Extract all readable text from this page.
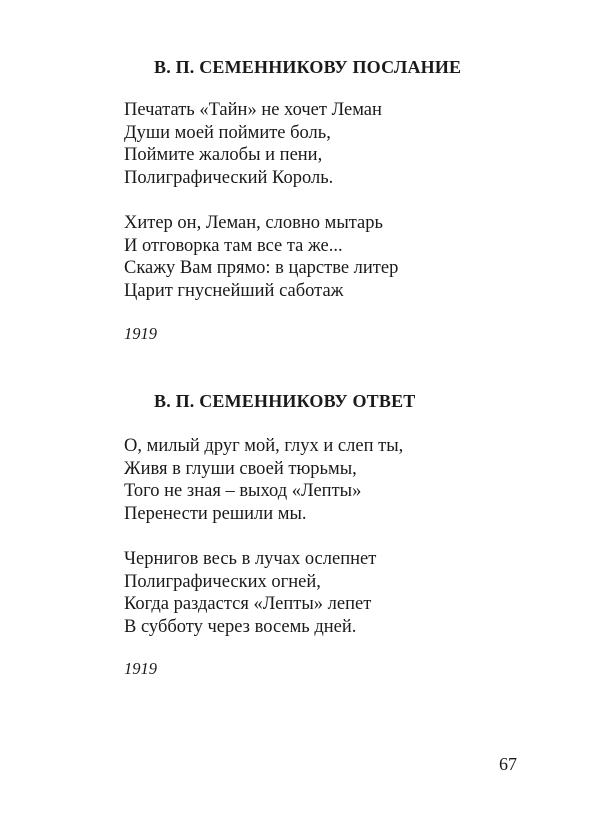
В. П. СЕМЕННИКОВУ ПОСЛАНИЕ
Печатать «Тайн» не хочет Леман
Души моей поймите боль,
Поймите жалобы и пени,
Полиграфический Король.
Хитер он, Леман, словно мытарь
И отговорка там все та же...
Скажу Вам прямо: в царстве литер
Царит гнуснейший саботаж
1919
В. П. СЕМЕННИКОВУ ОТВЕТ
О, милый друг мой, глух и слеп ты,
Живя в глуши своей тюрьмы,
Того не зная – выход «Лепты»
Перенести решили мы.
Чернигов весь в лучах ослепнет
Полиграфических огней,
Когда раздастся «Лепты» лепет
В субботу через восемь дней.
1919
67
